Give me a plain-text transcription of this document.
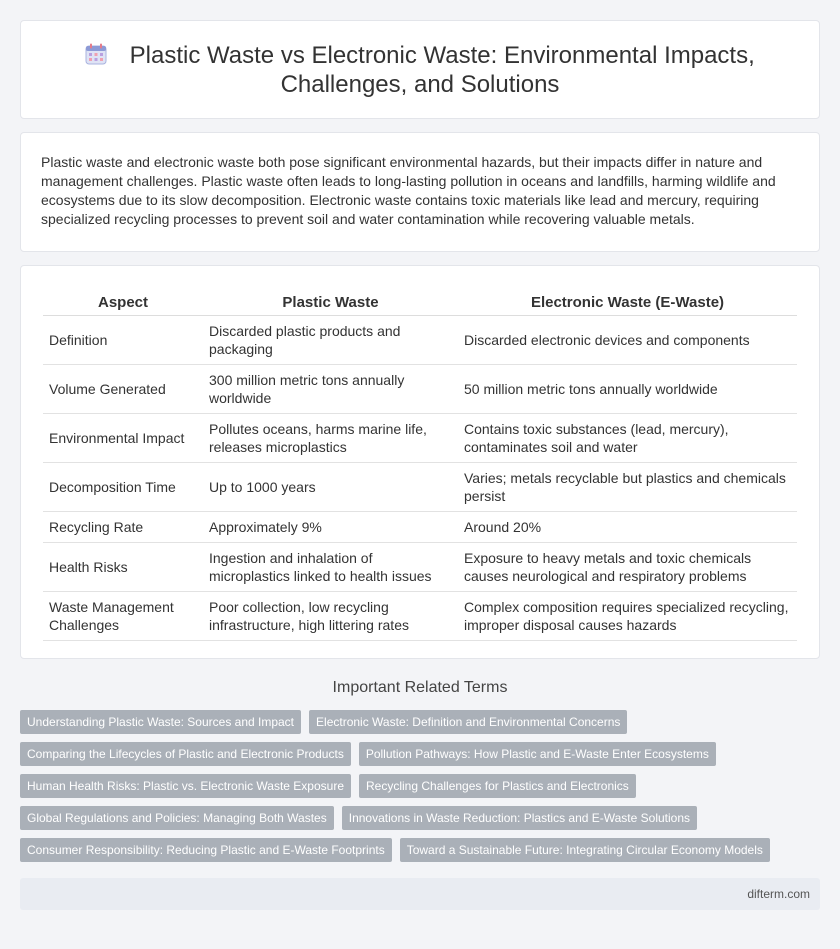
Plastic Waste vs Electronic Waste: Environmental Impacts, Challenges, and Solutions

Plastic waste and electronic waste both pose significant environmental hazards, but their impacts differ in nature and management challenges. Plastic waste often leads to long-lasting pollution in oceans and landfills, harming wildlife and ecosystems due to its slow decomposition. Electronic waste contains toxic materials like lead and mercury, requiring specialized recycling processes to prevent soil and water contamination while recovering valuable metals.

Aspect	Plastic Waste	Electronic Waste (E-Waste)
Definition	Discarded plastic products and packaging	Discarded electronic devices and components
Volume Generated	300 million metric tons annually worldwide	50 million metric tons annually worldwide
Environmental Impact	Pollutes oceans, harms marine life, releases microplastics	Contains toxic substances (lead, mercury), contaminates soil and water
Decomposition Time	Up to 1000 years	Varies; metals recyclable but plastics and chemicals persist
Recycling Rate	Approximately 9%	Around 20%
Health Risks	Ingestion and inhalation of microplastics linked to health issues	Exposure to heavy metals and toxic chemicals causes neurological and respiratory problems
Waste Management Challenges	Poor collection, low recycling infrastructure, high littering rates	Complex composition requires specialized recycling, improper disposal causes hazards
Important Related Terms
Understanding Plastic Waste: Sources and Impact	Electronic Waste: Definition and Environmental Concerns
Comparing the Lifecycles of Plastic and Electronic Products	Pollution Pathways: How Plastic and E-Waste Enter Ecosystems
Human Health Risks: Plastic vs. Electronic Waste Exposure	Recycling Challenges for Plastics and Electronics
Global Regulations and Policies: Managing Both Wastes	Innovations in Waste Reduction: Plastics and E-Waste Solutions
Consumer Responsibility: Reducing Plastic and E-Waste Footprints	Toward a Sustainable Future: Integrating Circular Economy Models
difterm.com
